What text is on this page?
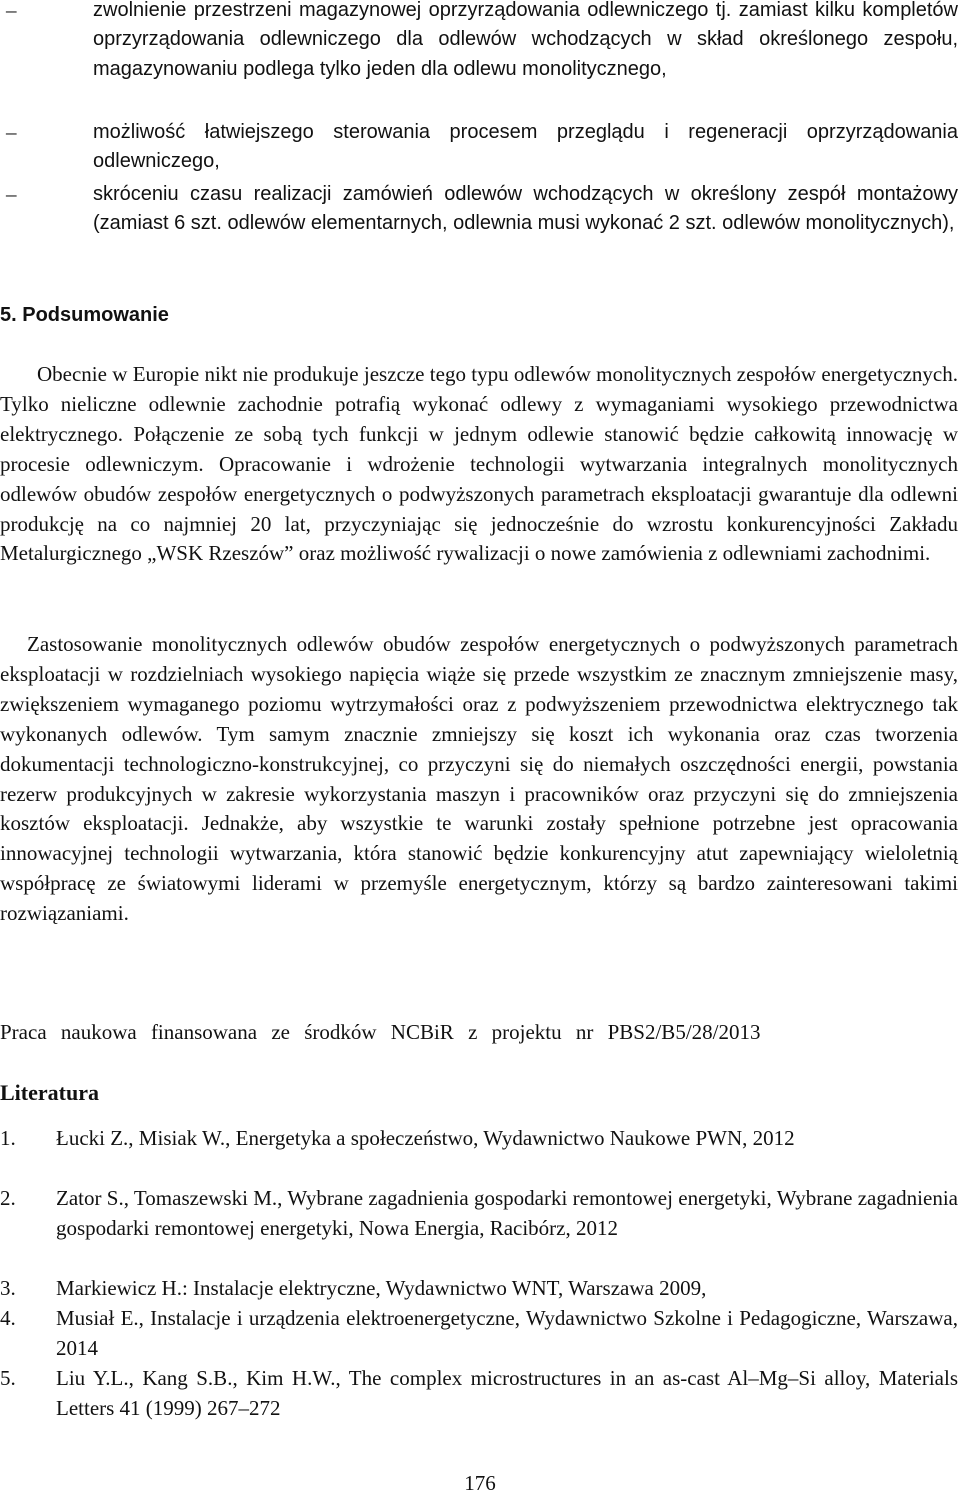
–	zwolnienie przestrzeni magazynowej oprzyrządowania odlewniczego tj. zamiast kilku kompletów oprzyrządowania odlewniczego dla odlewów wchodzących w skład określonego zespołu, magazynowaniu podlega tylko jeden dla odlewu monolitycznego,
–	możliwość łatwiejszego sterowania procesem przeglądu i regeneracji oprzyrządowania odlewniczego,
–	skróceniu czasu realizacji zamówień odlewów wchodzących w określony zespół montażowy (zamiast 6 szt. odlewów elementarnych, odlewnia musi wykonać 2 szt. odlewów monolitycznych),
5. Podsumowanie
Obecnie w Europie nikt nie produkuje jeszcze tego typu odlewów monolitycznych zespołów energetycznych. Tylko nieliczne odlewnie zachodnie potrafią wykonać odlewy z wymaganiami wysokiego przewodnictwa elektrycznego. Połączenie ze sobą tych funkcji w jednym odlewie stanowić będzie całkowitą innowację w procesie odlewniczym. Opracowanie i wdrożenie technologii wytwarzania integralnych monolitycznych odlewów obudów zespołów energetycznych o podwyższonych parametrach eksploatacji gwarantuje dla odlewni produkcję na co najmniej 20 lat, przyczyniając się jednocześnie do wzrostu konkurencyjności Zakładu Metalurgicznego „WSK Rzeszów” oraz możliwość rywalizacji o nowe zamówienia z odlewniami zachodnimi.
Zastosowanie monolitycznych odlewów obudów zespołów energetycznych o podwyższonych parametrach eksploatacji w rozdzielniach wysokiego napięcia wiąże się przede wszystkim ze znacznym zmniejszenie masy, zwiększeniem wymaganego poziomu wytrzymałości oraz z podwyższeniem przewodnictwa elektrycznego tak wykonanych odlewów. Tym samym znacznie zmniejszy się koszt ich wykonania oraz czas tworzenia dokumentacji technologiczno-konstrukcyjnej, co przyczyni się do niemałych oszczędności energii, powstania rezerw produkcyjnych w zakresie wykorzystania maszyn i pracowników oraz przyczyni się do zmniejszenia kosztów eksploatacji. Jednakże, aby wszystkie te warunki zostały spełnione potrzebne jest opracowania innowacyjnej technologii wytwarzania, która stanowić będzie konkurencyjny atut zapewniający wieloletnią współpracę ze światowymi liderami w przemyśle energetycznym, którzy są bardzo zainteresowani takimi rozwiązaniami.
Praca naukowa finansowana ze środków NCBiR z projektu nr PBS2/B5/28/2013
Literatura
1. Łucki Z., Misiak W., Energetyka a społeczeństwo, Wydawnictwo Naukowe PWN, 2012
2. Zator S., Tomaszewski M., Wybrane zagadnienia gospodarki remontowej energetyki, Wybrane zagadnienia gospodarki remontowej energetyki, Nowa Energia, Racibórz, 2012
3. Markiewicz H.: Instalacje elektryczne, Wydawnictwo WNT, Warszawa 2009,
4. Musiał E., Instalacje i urządzenia elektroenergetyczne, Wydawnictwo Szkolne i Pedagogiczne, Warszawa, 2014
5. Liu Y.L., Kang S.B., Kim H.W., The complex microstructures in an as-cast Al–Mg–Si alloy, Materials Letters 41 (1999) 267–272
176
